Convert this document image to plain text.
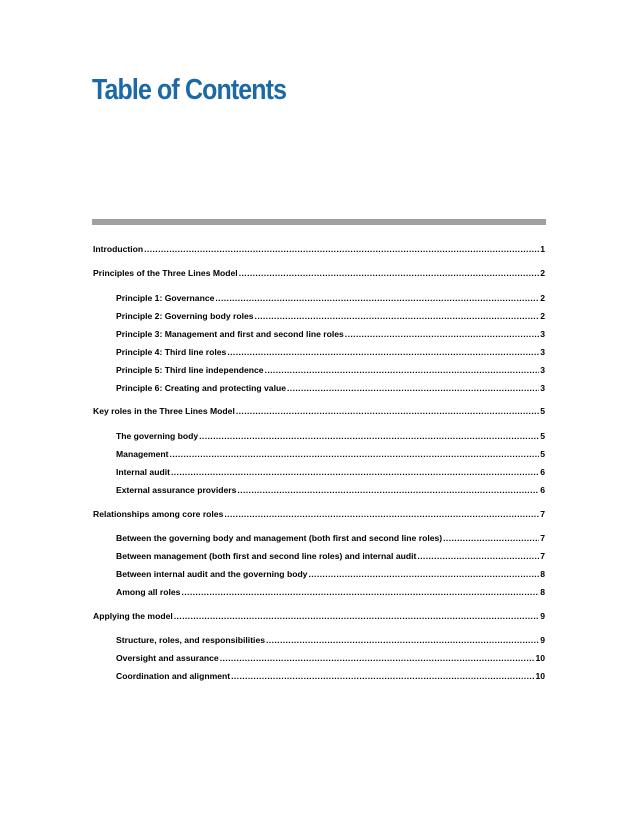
Table of Contents
Introduction .....	1
Principles of the Three Lines Model .....	2
Principle 1: Governance .....	2
Principle 2: Governing body roles .....	2
Principle 3: Management and first and second line roles .....	3
Principle 4: Third line roles .....	3
Principle 5: Third line independence .....	3
Principle 6: Creating and protecting value .....	3
Key roles in the Three Lines Model .....	5
The governing body .....	5
Management .....	5
Internal audit .....	6
External assurance providers .....	6
Relationships among core roles .....	7
Between the governing body and management (both first and second line roles) .....	7
Between management (both first and second line roles) and internal audit .....	7
Between internal audit and the governing body .....	8
Among all roles .....	8
Applying the model .....	9
Structure, roles, and responsibilities .....	9
Oversight and assurance .....	10
Coordination and alignment .....	10
